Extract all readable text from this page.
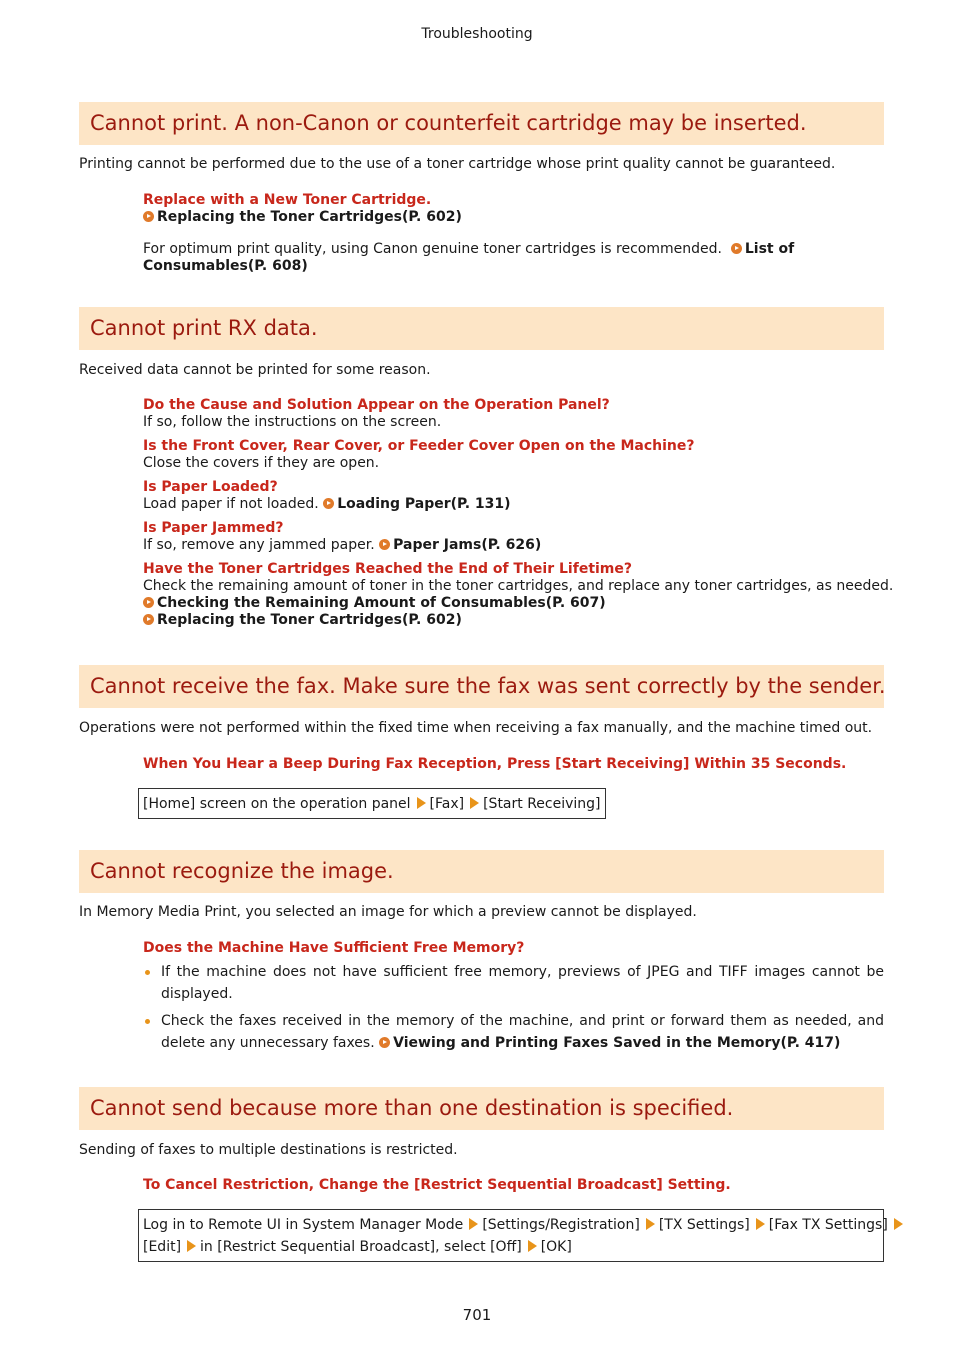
Troubleshooting
Cannot print. A non-Canon or counterfeit cartridge may be inserted.
Printing cannot be performed due to the use of a toner cartridge whose print quality cannot be guaranteed.
Replace with a New Toner Cartridge.
Replacing the Toner Cartridges(P. 602)
For optimum print quality, using Canon genuine toner cartridges is recommended. List of
Consumables(P. 608)
Cannot print RX data.
Received data cannot be printed for some reason.
Do the Cause and Solution Appear on the Operation Panel?
If so, follow the instructions on the screen.
Is the Front Cover, Rear Cover, or Feeder Cover Open on the Machine?
Close the covers if they are open.
Is Paper Loaded?
Load paper if not loaded. Loading Paper(P. 131)
Is Paper Jammed?
If so, remove any jammed paper. Paper Jams(P. 626)
Have the Toner Cartridges Reached the End of Their Lifetime?
Check the remaining amount of toner in the toner cartridges, and replace any toner cartridges, as needed.
Checking the Remaining Amount of Consumables(P. 607)
Replacing the Toner Cartridges(P. 602)
Cannot receive the fax. Make sure the fax was sent correctly by the sender.
Operations were not performed within the fixed time when receiving a fax manually, and the machine timed out.
When You Hear a Beep During Fax Reception, Press [Start Receiving] Within 35 Seconds.
[Home] screen on the operation panel [Fax] [Start Receiving]
Cannot recognize the image.
In Memory Media Print, you selected an image for which a preview cannot be displayed.
Does the Machine Have Sufficient Free Memory?
If the machine does not have sufficient free memory, previews of JPEG and TIFF images cannot be displayed.
Check the faxes received in the memory of the machine, and print or forward them as needed, and delete any unnecessary faxes. Viewing and Printing Faxes Saved in the Memory(P. 417)
Cannot send because more than one destination is specified.
Sending of faxes to multiple destinations is restricted.
To Cancel Restriction, Change the [Restrict Sequential Broadcast] Setting.
Log in to Remote UI in System Manager Mode [Settings/Registration] [TX Settings] [Fax TX Settings]
[Edit] in [Restrict Sequential Broadcast], select [Off] [OK]
701
